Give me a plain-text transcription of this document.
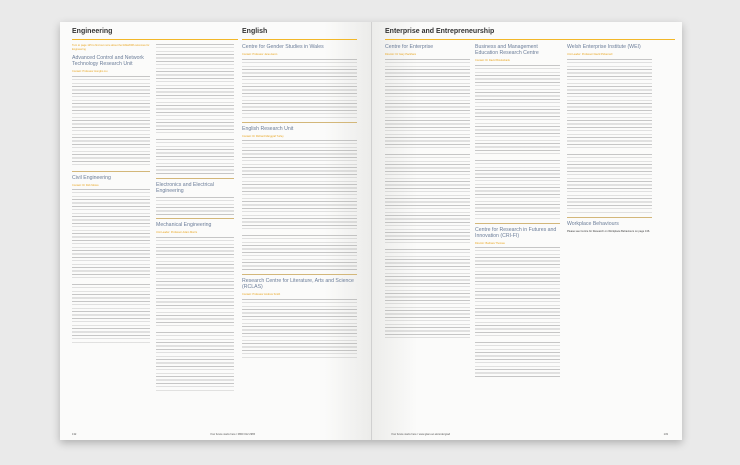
Engineering	English
Turn to page 125 to find out more about the RAE2008 outcomes for Engineering
Advanced Control and Network Technology Research Unit
Contact: Professor Hongbo Liu
Civil Engineering
Contact: Dr Rob Moore	Electronics and Electrical Engineering
Mechanical Engineering
Unit Leader: Professor Adam Morris
Centre for Gender Studies in Wales
Contact: Professor Jane Aaron
English Research Unit
Contact: Dr Richard Marggraf Turley
Research Centre for Literature, Arts and Science (RCLAS)
Contact: Professor Andrew Smith
132	Your future starts here / 0800 012 2965
Enterprise and Entrepreneurship
Centre for Enterprise
Director: Dr Gary Packham
Business and Management Education Research Centre
Contact: Dr David Brooksbank
Centre for Research in Futures and Innovation (CRI-FI)
Director: Barbara Thomas
Welsh Enterprise Institute (WEI)
Unit Leader: Professor David Pickernell
Workplace Behaviours
Please see Centre for Research on Workplace Behaviours on page 136.
Your future starts here / www.glam.ac.uk/undergrad	133
